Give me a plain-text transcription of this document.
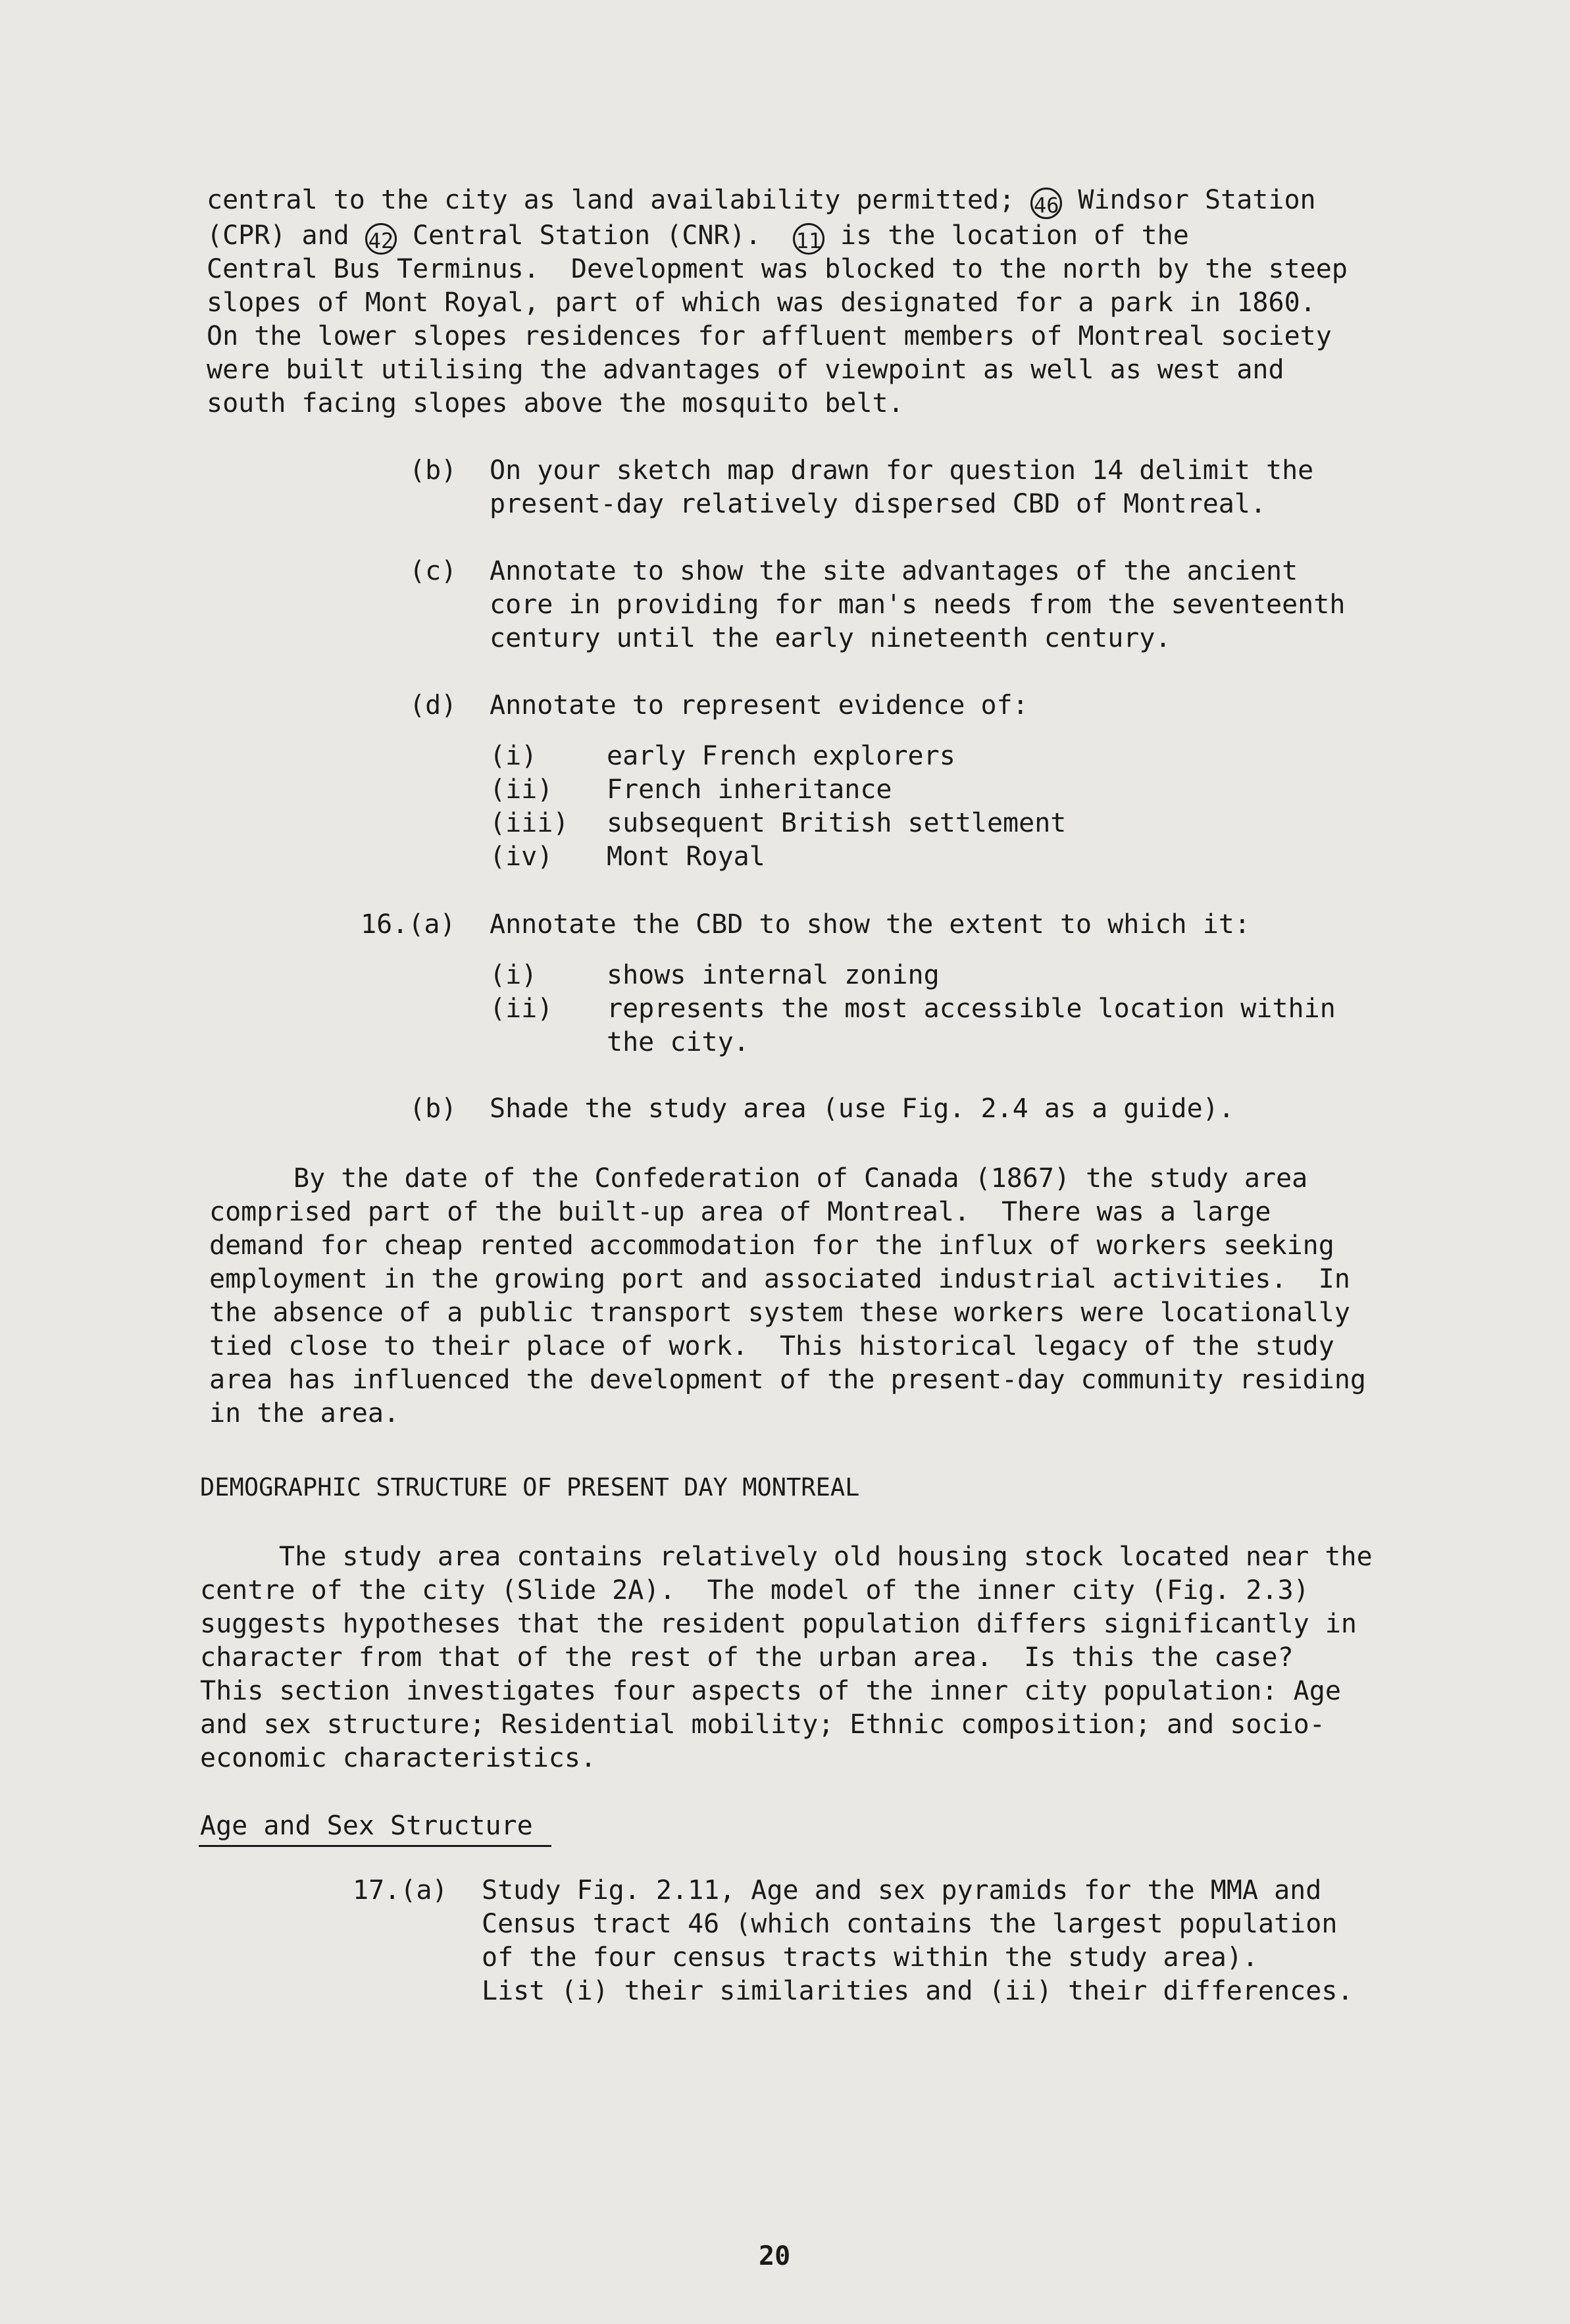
central to the city as land availability permitted; 46 Windsor Station
(CPR) and 42 Central Station (CNR). 11 is the location of the
Central Bus Terminus.  Development was blocked to the north by the steep
slopes of Mont Royal, part of which was designated for a park in 1860.
On the lower slopes residences for affluent members of Montreal society
were built utilising the advantages of viewpoint as well as west and
south facing slopes above the mosquito belt.
(b) On your sketch map drawn for question 14 delimit the
present-day relatively dispersed CBD of Montreal.
(c) Annotate to show the site advantages of the ancient
core in providing for man's needs from the seventeenth
century until the early nineteenth century.
(d) Annotate to represent evidence of:
(i)	early French explorers
(ii) French inheritance
(iii) subsequent British settlement
(iv) Mont Royal
16.(a) Annotate the CBD to show the extent to which it:
(i)	shows internal zoning
(ii) represents the most accessible location within
the city.
(b) Shade the study area (use Fig. 2.4 as a guide).
By the date of the Confederation of Canada (1867) the study area
comprised part of the built-up area of Montreal.  There was a large
demand for cheap rented accommodation for the influx of workers seeking
employment in the growing port and associated industrial activities.  In
the absence of a public transport system these workers were locationally
tied close to their place of work.  This historical legacy of the study
area has influenced the development of the present-day community residing
in the area.
DEMOGRAPHIC STRUCTURE OF PRESENT DAY MONTREAL
The study area contains relatively old housing stock located near the
centre of the city (Slide 2A).  The model of the inner city (Fig. 2.3)
suggests hypotheses that the resident population differs significantly in
character from that of the rest of the urban area.  Is this the case?
This section investigates four aspects of the inner city population: Age
and sex structure; Residential mobility; Ethnic composition; and socio-
economic characteristics.
Age and Sex Structure
17.(a) Study Fig. 2.11, Age and sex pyramids for the MMA and
Census tract 46 (which contains the largest population
of the four census tracts within the study area).
List (i) their similarities and (ii) their differences.
20
